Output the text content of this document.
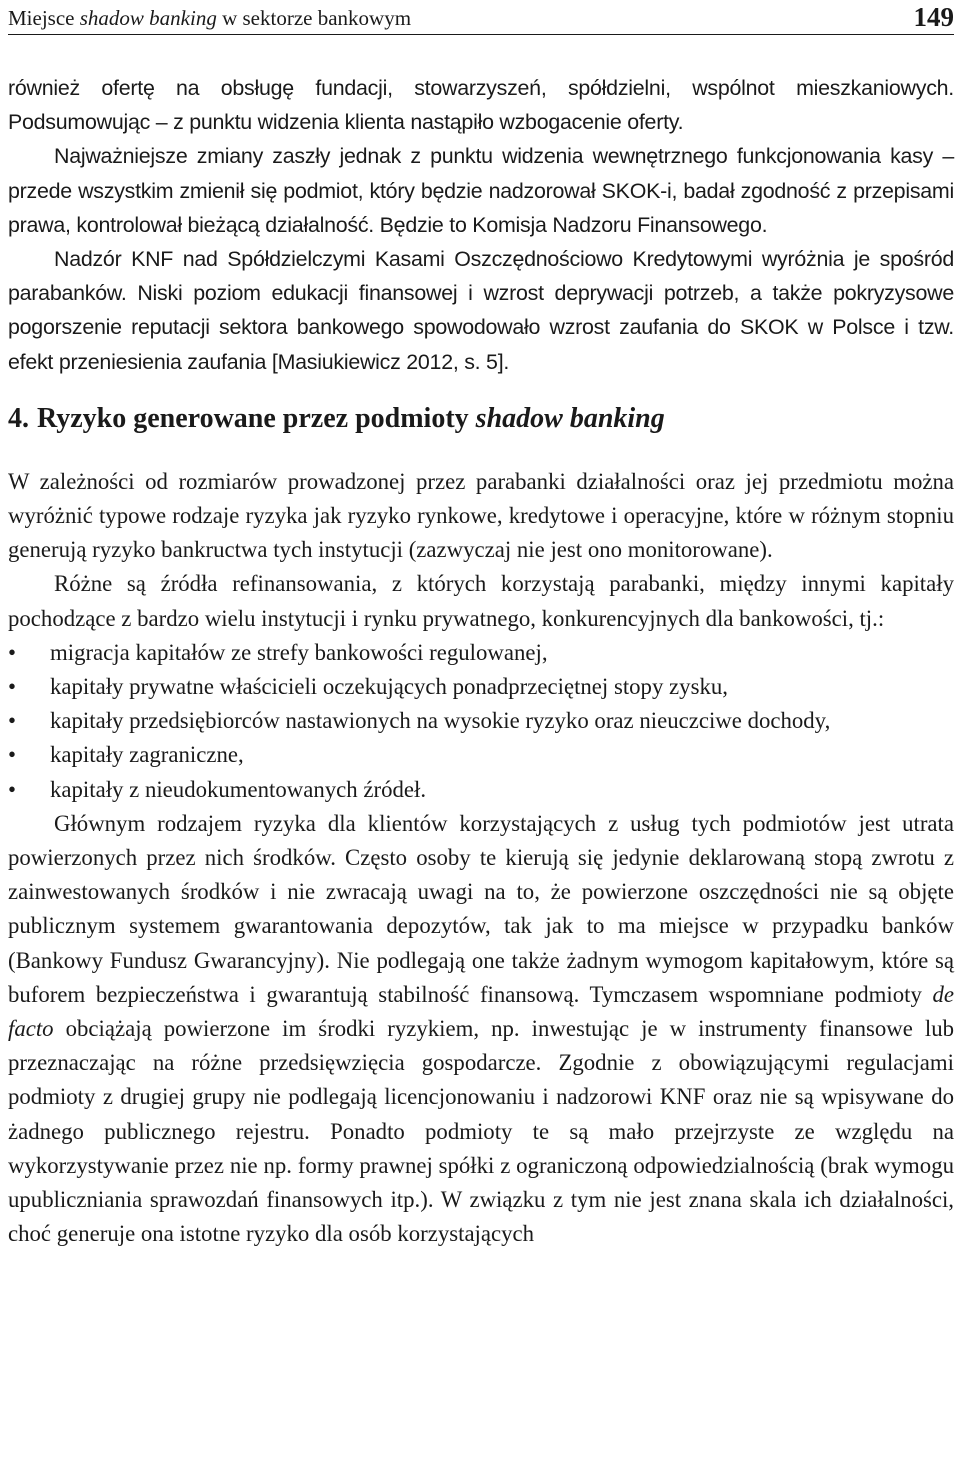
Miejsce shadow banking w sektorze bankowym	149

również ofertę na obsługę fundacji, stowarzyszeń, spółdzielni, wspólnot mieszkaniowych. Podsumowując – z punktu widzenia klienta nastąpiło wzbogacenie oferty.

Najważniejsze zmiany zaszły jednak z punktu widzenia wewnętrznego funkcjonowania kasy – przede wszystkim zmienił się podmiot, który będzie nadzorował SKOK-i, badał zgodność z przepisami prawa, kontrolował bieżącą działalność. Będzie to Komisja Nadzoru Finansowego.

Nadzór KNF nad Spółdzielczymi Kasami Oszczędnościowo Kredytowymi wyróżnia je spośród parabanków. Niski poziom edukacji finansowej i wzrost deprywacji potrzeb, a także pokryzysowe pogorszenie reputacji sektora bankowego spowodowało wzrost zaufania do SKOK w Polsce i tzw. efekt przeniesienia zaufania [Masiukiewicz 2012, s. 5].

4. Ryzyko generowane przez podmioty shadow banking

W zależności od rozmiarów prowadzonej przez parabanki działalności oraz jej przedmiotu można wyróżnić typowe rodzaje ryzyka jak ryzyko rynkowe, kredytowe i operacyjne, które w różnym stopniu generują ryzyko bankructwa tych instytucji (zazwyczaj nie jest ono monitorowane).

Różne są źródła refinansowania, z których korzystają parabanki, między innymi kapitały pochodzące z bardzo wielu instytucji i rynku prywatnego, konkurencyjnych dla bankowości, tj.:

• migracja kapitałów ze strefy bankowości regulowanej,
• kapitały prywatne właścicieli oczekujących ponadprzeciętnej stopy zysku,
• kapitały przedsiębiorców nastawionych na wysokie ryzyko oraz nieuczciwe dochody,
• kapitały zagraniczne,
• kapitały z nieudokumentowanych źródeł.

Głównym rodzajem ryzyka dla klientów korzystających z usług tych podmiotów jest utrata powierzonych przez nich środków. Często osoby te kierują się jedynie deklarowaną stopą zwrotu z zainwestowanych środków i nie zwracają uwagi na to, że powierzone oszczędności nie są objęte publicznym systemem gwarantowania depozytów, tak jak to ma miejsce w przypadku banków (Bankowy Fundusz Gwarancyjny). Nie podlegają one także żadnym wymogom kapitałowym, które są buforem bezpieczeństwa i gwarantują stabilność finansową. Tymczasem wspomniane podmioty de facto obciążają powierzone im środki ryzykiem, np. inwestując je w instrumenty finansowe lub przeznaczając na różne przedsięwzięcia gospodarcze. Zgodnie z obowiązującymi regulacjami podmioty z drugiej grupy nie podlegają licencjonowaniu i nadzorowi KNF oraz nie są wpisywane do żadnego publicznego rejestru. Ponadto podmioty te są mało przejrzyste ze względu na wykorzystywanie przez nie np. formy prawnej spółki z ograniczoną odpowiedzialnością (brak wymogu upubliczniania sprawozdań finansowych itp.). W związku z tym nie jest znana skala ich działalności, choć generuje ona istotne ryzyko dla osób korzystających
